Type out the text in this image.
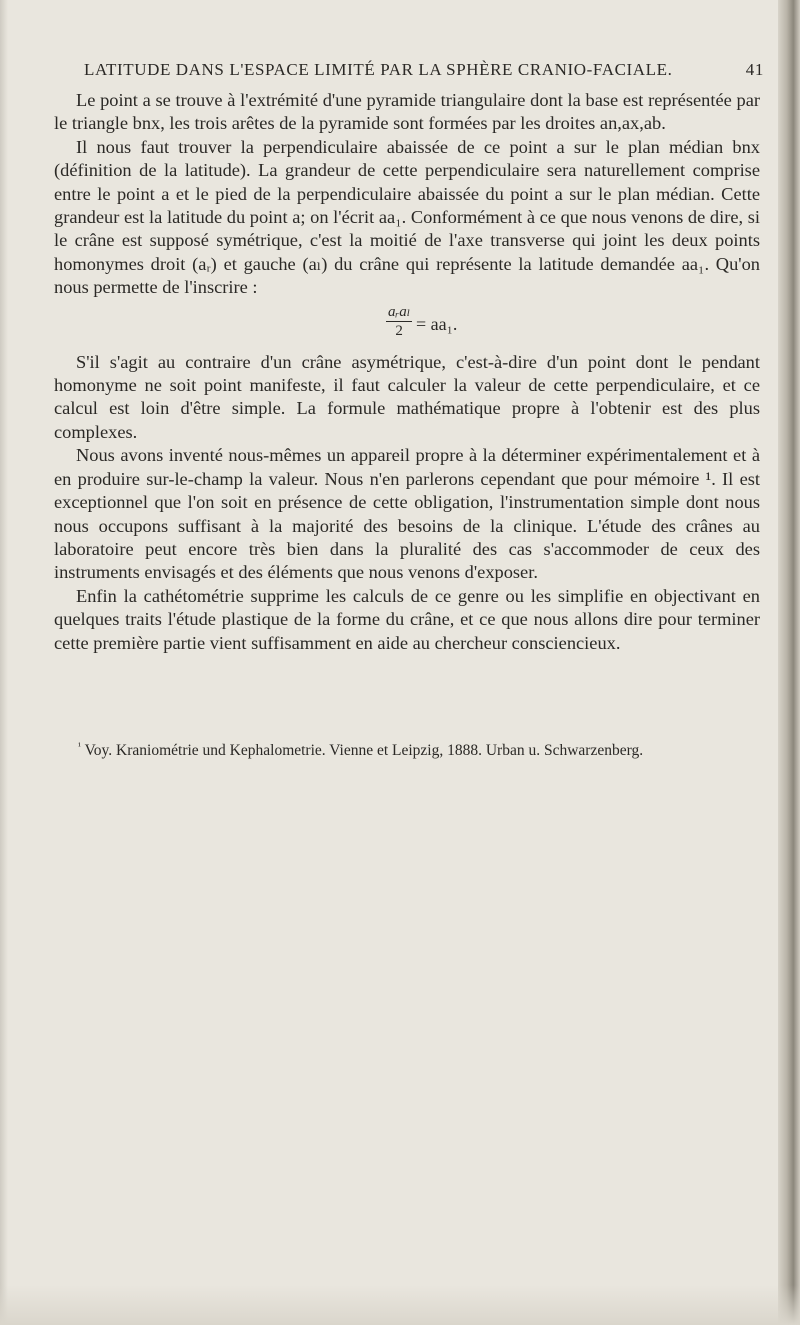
LATITUDE DANS L'ESPACE LIMITÉ PAR LA SPHÈRE CRANIO-FACIALE.	41

Le point a se trouve à l'extrémité d'une pyramide triangulaire dont la base est représentée par le triangle bnx, les trois arêtes de la pyramide sont formées par les droites an,ax,ab.

Il nous faut trouver la perpendiculaire abaissée de ce point a sur le plan médian bnx (définition de la latitude). La grandeur de cette perpendiculaire sera naturellement comprise entre le point a et le pied de la perpendiculaire abaissée du point a sur le plan médian. Cette grandeur est la latitude du point a; on l'écrit aa₁. Conformément à ce que nous venons de dire, si le crâne est supposé symétrique, c'est la moitié de l'axe transverse qui joint les deux points homonymes droit (aᵣ) et gauche (aₗ) du crâne qui représente la latitude demandée aa₁. Qu'on nous permette de l'inscrire :

aᵣaₗ
2 = aa₁.

S'il s'agit au contraire d'un crâne asymétrique, c'est-à-dire d'un point dont le pendant homonyme ne soit point manifeste, il faut calculer la valeur de cette perpendiculaire, et ce calcul est loin d'être simple. La formule mathématique propre à l'obtenir est des plus complexes.

Nous avons inventé nous-mêmes un appareil propre à la déterminer expérimentalement et à en produire sur-le-champ la valeur. Nous n'en parlerons cependant que pour mémoire ¹. Il est exceptionnel que l'on soit en présence de cette obligation, l'instrumentation simple dont nous nous occupons suffisant à la majorité des besoins de la clinique. L'étude des crânes au laboratoire peut encore très bien dans la pluralité des cas s'accommoder de ceux des instruments envisagés et des éléments que nous venons d'exposer.

Enfin la cathétométrie supprime les calculs de ce genre ou les simplifie en objectivant en quelques traits l'étude plastique de la forme du crâne, et ce que nous allons dire pour terminer cette première partie vient suffisamment en aide au chercheur consciencieux.

$^{^1}$ Voy. Kraniométrie und Kephalometrie. Vienne et Leipzig, 1888. Urban u. Schwarzenberg.
